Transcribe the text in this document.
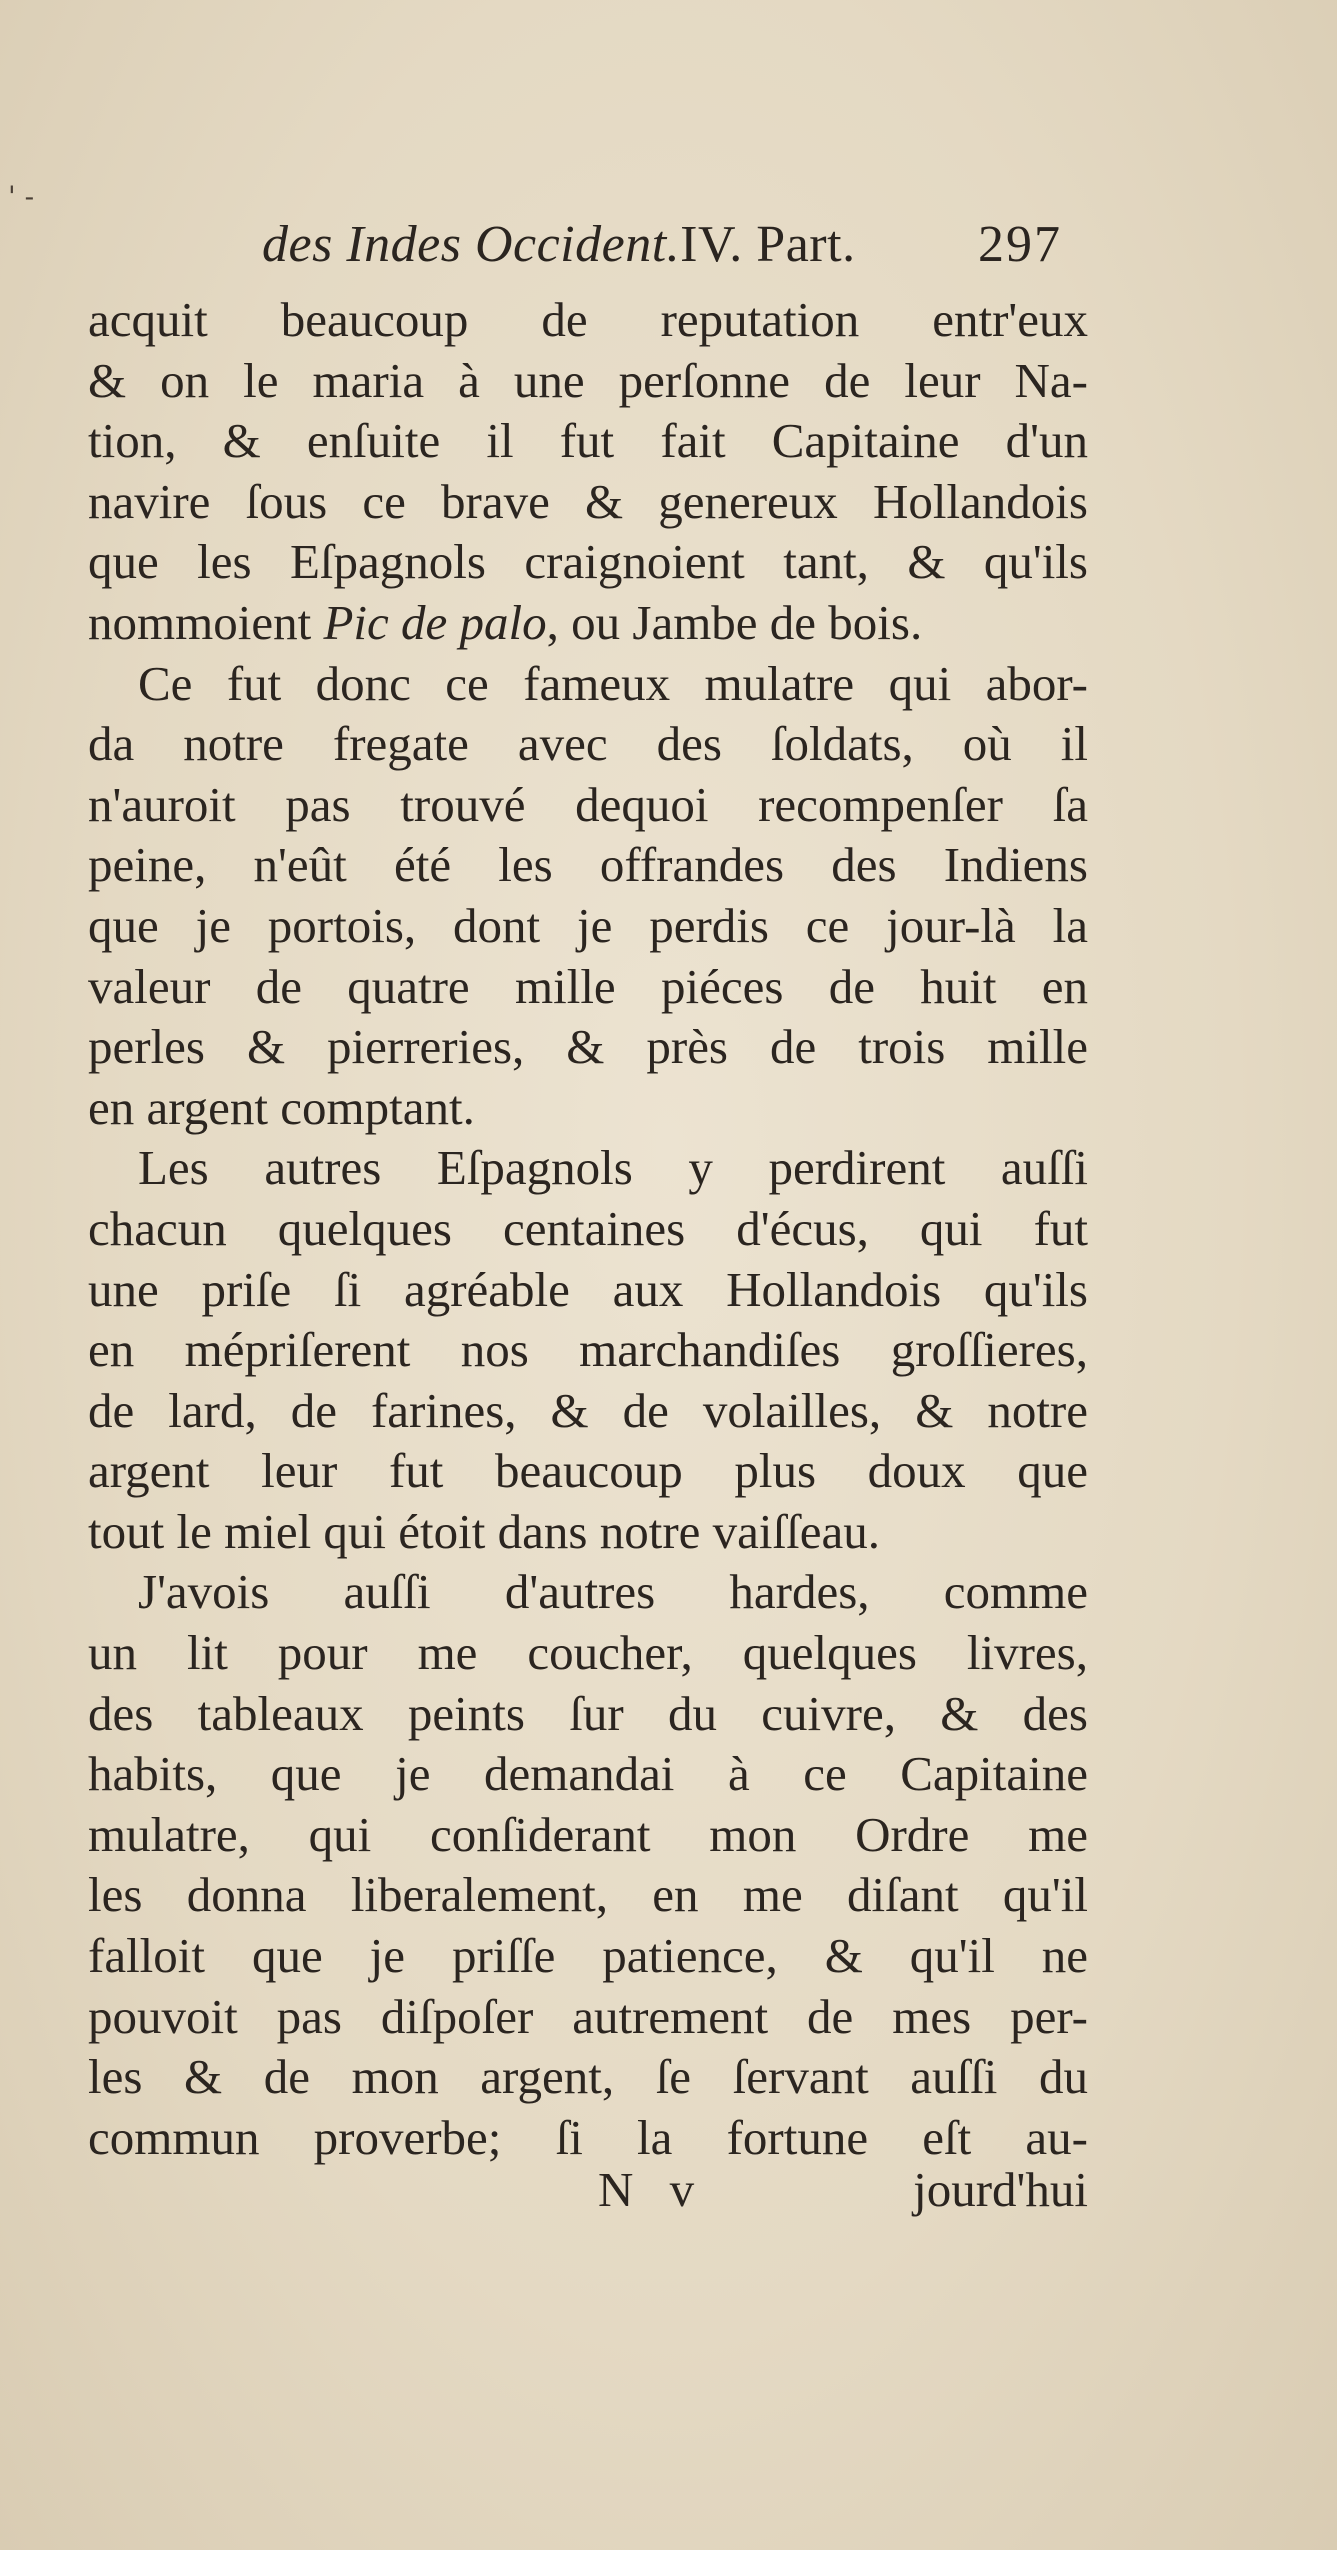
' -
des Indes Occident.IV. Part. 297
acquit beaucoup de reputation entr'eux
& on le maria à une perſonne de leur Na-
tion, & enſuite il fut fait Capitaine d'un
navire ſous ce brave & genereux Hollandois
que les Eſpagnols craignoient tant, & qu'ils
nommoient Pic de palo, ou Jambe de bois.
Ce fut donc ce fameux mulatre qui abor-
da notre fregate avec des ſoldats, où il
n'auroit pas trouvé dequoi recompenſer ſa
peine, n'eût été les offrandes des Indiens
que je portois, dont je perdis ce jour-là la
valeur de quatre mille piéces de huit en
perles & pierreries, & près de trois mille
en argent comptant.
Les autres Eſpagnols y perdirent auſſi
chacun quelques centaines d'écus, qui fut
une priſe ſi agréable aux Hollandois qu'ils
en mépriſerent nos marchandiſes groſſieres,
de lard, de farines, & de volailles, & notre
argent leur fut beaucoup plus doux que
tout le miel qui étoit dans notre vaiſſeau.
J'avois auſſi d'autres hardes, comme
un lit pour me coucher, quelques livres,
des tableaux peints ſur du cuivre, & des
habits, que je demandai à ce Capitaine
mulatre, qui conſiderant mon Ordre me
les donna liberalement, en me diſant qu'il
falloit que je priſſe patience, & qu'il ne
pouvoit pas diſpoſer autrement de mes per-
les & de mon argent, ſe ſervant auſſi du
commun proverbe; ſi la fortune eſt au-
N v	jourd'hui
